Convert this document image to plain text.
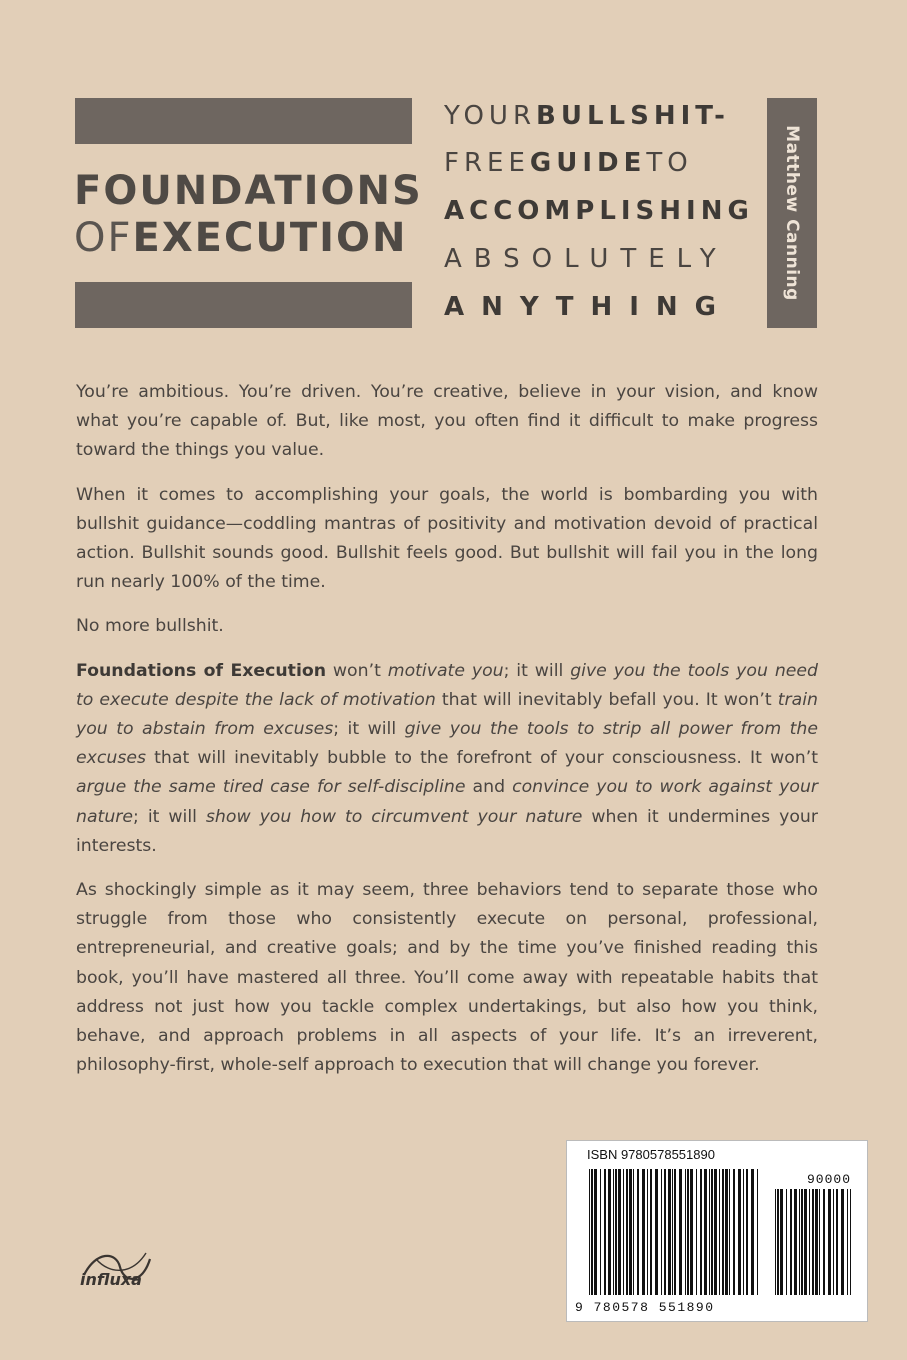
FOUNDATIONS
OFEXECUTION
YOURBULLSHIT-
FREEGUIDETO
ACCOMPLISHING
ABSOLUTELY
ANYTHING
Matthew Canning

You’re ambitious. You’re driven. You’re creative, believe in your vision, and know what you’re capable of. But, like most, you often find it difficult to make progress toward the things you value.

When it comes to accomplishing your goals, the world is bombarding you with bullshit guidance—coddling mantras of positivity and motivation devoid of practical action. Bullshit sounds good. Bullshit feels good. But bullshit will fail you in the long run nearly 100% of the time.

No more bullshit.

Foundations of Execution won’t motivate you; it will give you the tools you need to execute despite the lack of motivation that will inevitably befall you. It won’t train you to abstain from excuses; it will give you the tools to strip all power from the excuses that will inevitably bubble to the forefront of your consciousness. It won’t argue the same tired case for self-discipline and convince you to work against your nature; it will show you how to circumvent your nature when it undermines your interests.

As shockingly simple as it may seem, three behaviors tend to separate those who struggle from those who consistently execute on personal, professional, entrepreneurial, and creative goals; and by the time you’ve finished reading this book, you’ll have mastered all three. You’ll come away with repeatable habits that address not just how you tackle complex undertakings, but also how you think, behave, and approach problems in all aspects of your life. It’s an irreverent, philosophy-first, whole-self approach to execution that will change you forever.

influxa
ISBN 9780578551890
90000
9 780578 551890
